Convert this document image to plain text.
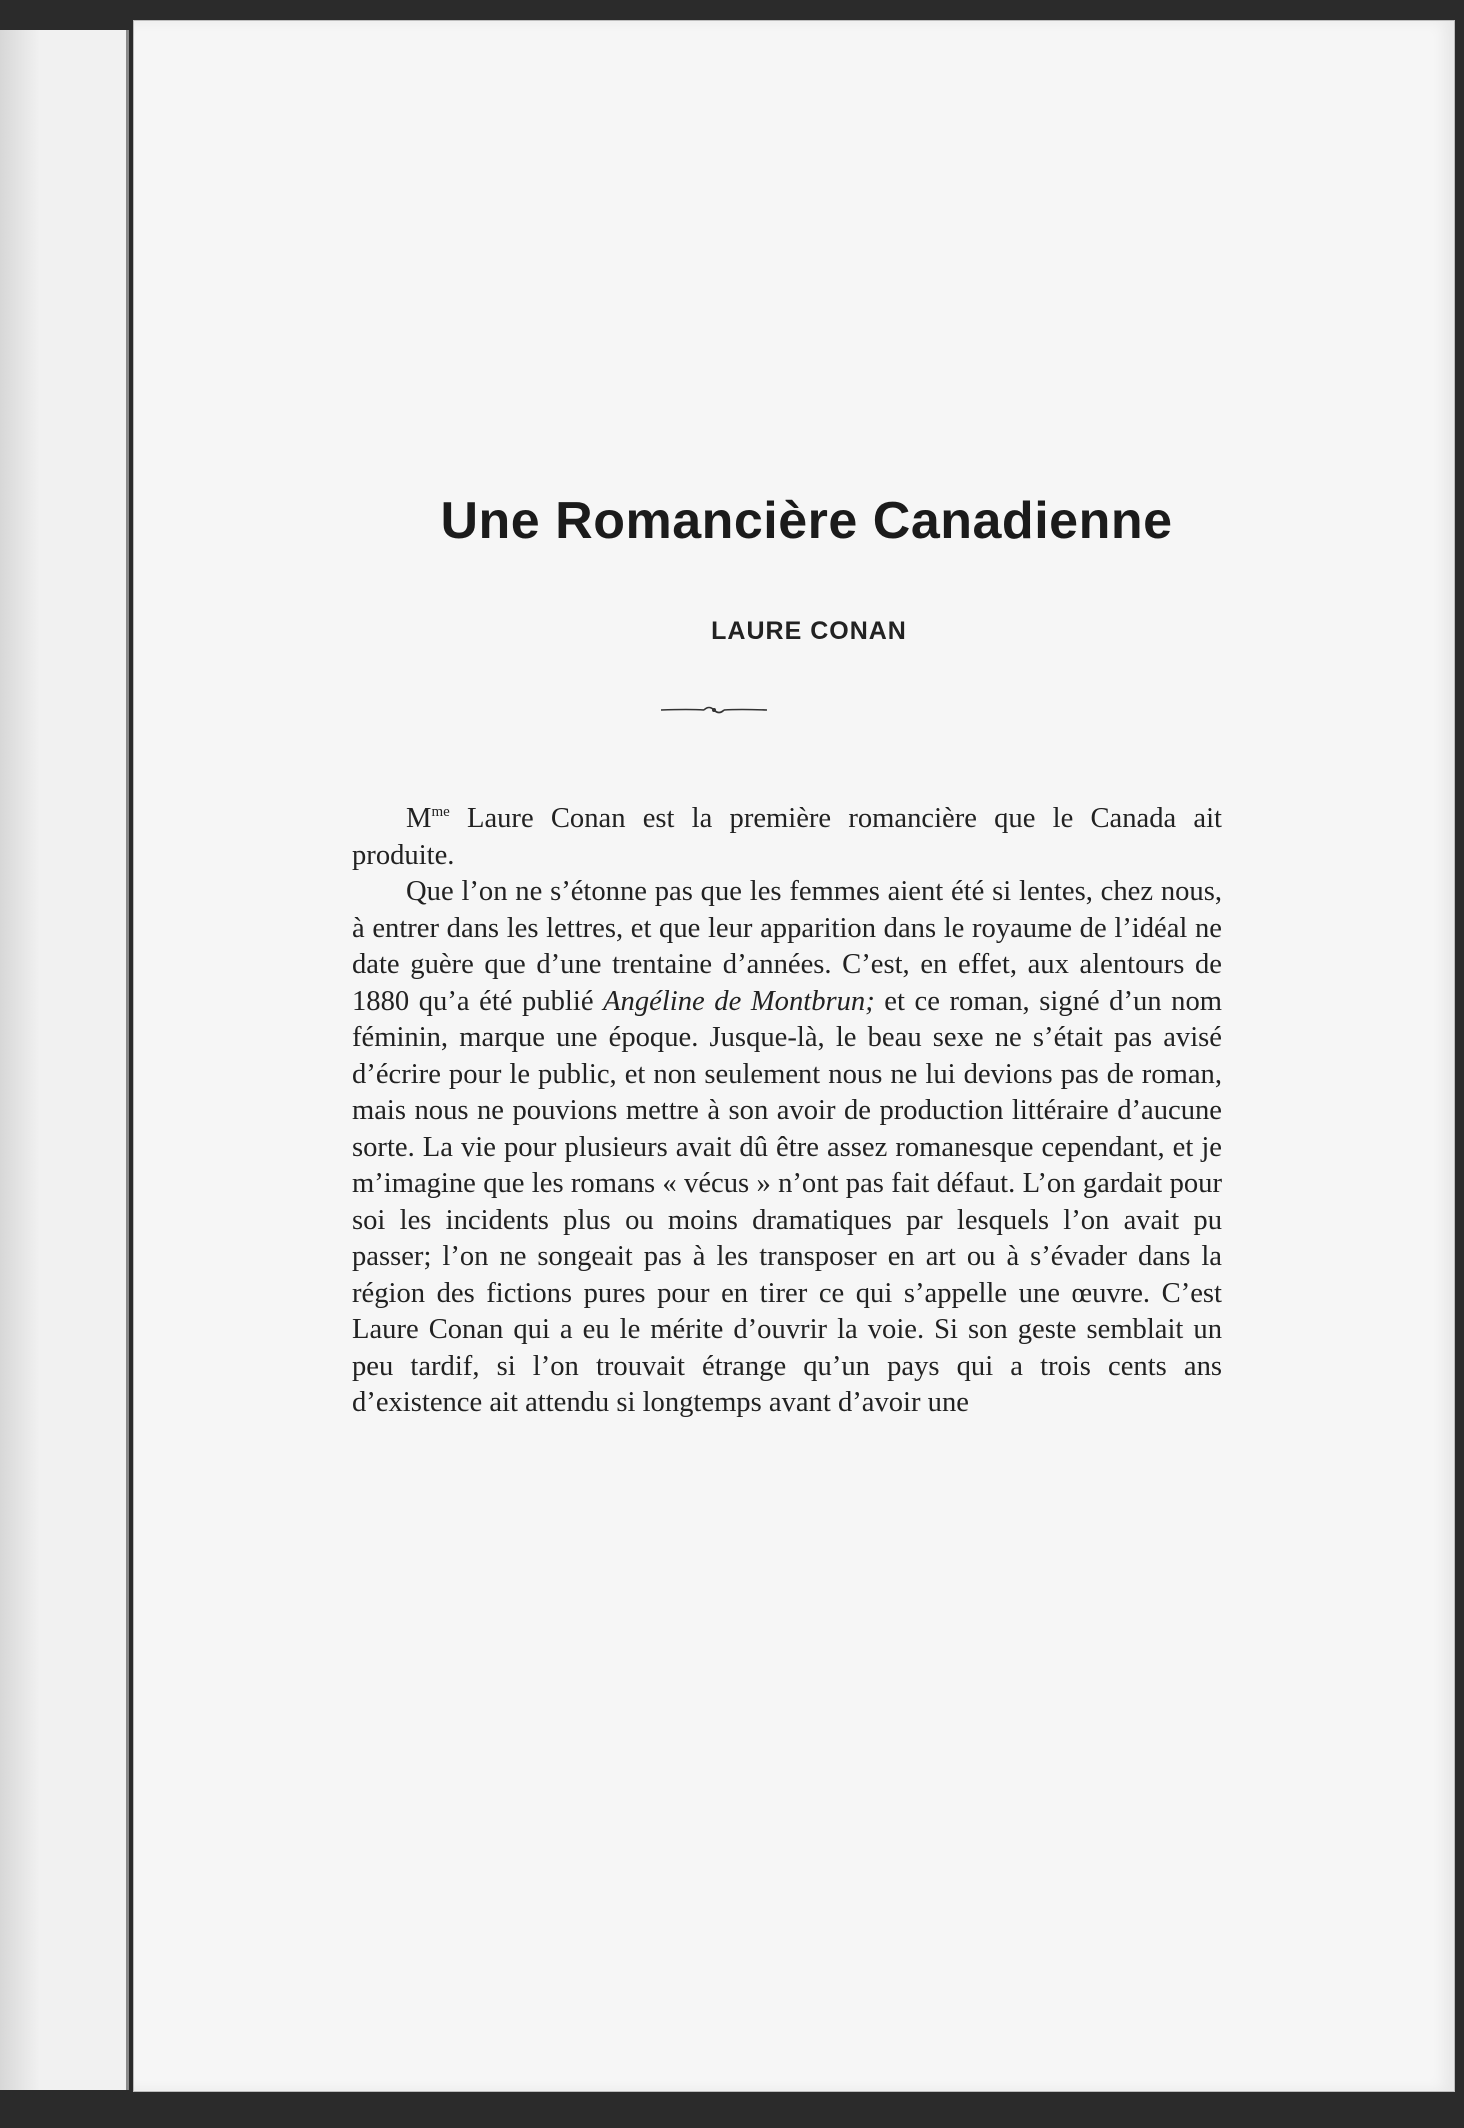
Une Romancière Canadienne
LAURE CONAN

$M^{me}$ Laure Conan est la première romancière que le Canada ait produite.

Que l’on ne s’étonne pas que les femmes aient été si lentes, chez nous, à entrer dans les lettres, et que leur apparition dans le royaume de l’idéal ne date guère que d’une trentaine d’années. C’est, en effet, aux alentours de 1880 qu’a été publié Angéline de Montbrun; et ce roman, signé d’un nom féminin, marque une époque. Jusque-là, le beau sexe ne s’était pas avisé d’écrire pour le public, et non seulement nous ne lui devions pas de roman, mais nous ne pouvions mettre à son avoir de production littéraire d’aucune sorte. La vie pour plusieurs avait dû être assez romanesque cependant, et je m’imagine que les romans « vécus » n’ont pas fait défaut. L’on gardait pour soi les incidents plus ou moins dramatiques par lesquels l’on avait pu passer; l’on ne songeait pas à les transposer en art ou à s’évader dans la région des fictions pures pour en tirer ce qui s’appelle une œuvre. C’est Laure Conan qui a eu le mérite d’ouvrir la voie. Si son geste semblait un peu tardif, si l’on trouvait étrange qu’un pays qui a trois cents ans d’existence ait attendu si longtemps avant d’avoir une
